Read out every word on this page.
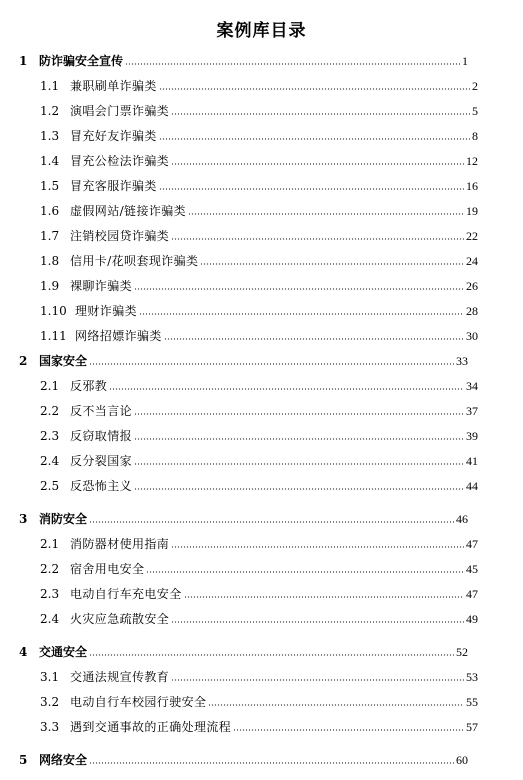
案例库目录
1 防诈骗安全宣传	1
1.1 兼职刷单诈骗类	2
1.2 演唱会门票诈骗类	5
1.3 冒充好友诈骗类	8
1.4 冒充公检法诈骗类	12
1.5 冒充客服诈骗类	16
1.6 虚假网站/链接诈骗类	19
1.7 注销校园贷诈骗类	22
1.8 信用卡/花呗套现诈骗类	24
1.9 裸聊诈骗类	26
1.10 理财诈骗类	28
1.11 网络招嫖诈骗类	30
2 国家安全	33
2.1 反邪教	34
2.2 反不当言论	37
2.3 反窃取情报	39
2.4 反分裂国家	41
2.5 反恐怖主义	44
3 消防安全	46
2.1 消防器材使用指南	47
2.2 宿舍用电安全	45
2.3 电动自行车充电安全	47
2.4 火灾应急疏散安全	49
4 交通安全	52
3.1 交通法规宣传教育	53
3.2 电动自行车校园行驶安全	55
3.3 遇到交通事故的正确处理流程	57
5 网络安全	60
